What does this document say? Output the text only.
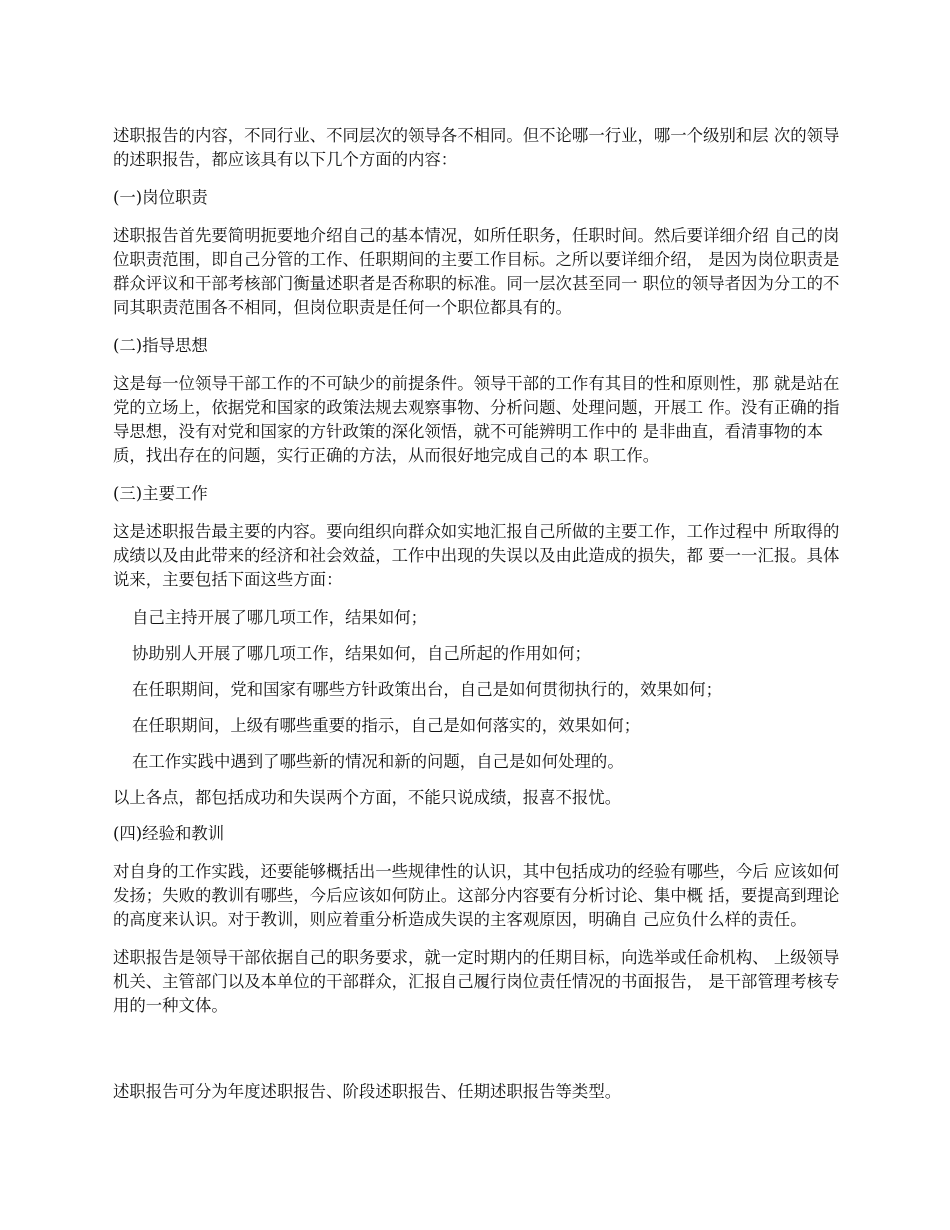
述职报告的内容，不同行业、不同层次的领导各不相同。但不论哪一行业，哪一个级别和层 次的领导的述职报告，都应该具有以下几个方面的内容：

(一)岗位职责

述职报告首先要简明扼要地介绍自己的基本情况，如所任职务，任职时间。然后要详细介绍 自己的岗位职责范围，即自己分管的工作、任职期间的主要工作目标。之所以要详细介绍， 是因为岗位职责是群众评议和干部考核部门衡量述职者是否称职的标准。同一层次甚至同一 职位的领导者因为分工的不同其职责范围各不相同，但岗位职责是任何一个职位都具有的。

(二)指导思想

这是每一位领导干部工作的不可缺少的前提条件。领导干部的工作有其目的性和原则性，那 就是站在党的立场上，依据党和国家的政策法规去观察事物、分析问题、处理问题，开展工 作。没有正确的指导思想，没有对党和国家的方针政策的深化领悟，就不可能辨明工作中的 是非曲直，看清事物的本质，找出存在的问题，实行正确的方法，从而很好地完成自己的本 职工作。

(三)主要工作

这是述职报告最主要的内容。要向组织向群众如实地汇报自己所做的主要工作，工作过程中 所取得的成绩以及由此带来的经济和社会效益，工作中出现的失误以及由此造成的损失，都 要一一汇报。具体说来，主要包括下面这些方面：

自己主持开展了哪几项工作，结果如何；

协助别人开展了哪几项工作，结果如何，自己所起的作用如何；

在任职期间，党和国家有哪些方针政策出台，自己是如何贯彻执行的，效果如何；

在任职期间，上级有哪些重要的指示，自己是如何落实的，效果如何；

在工作实践中遇到了哪些新的情况和新的问题，自己是如何处理的。

以上各点，都包括成功和失误两个方面，不能只说成绩，报喜不报忧。

(四)经验和教训

对自身的工作实践，还要能够概括出一些规律性的认识，其中包括成功的经验有哪些，今后 应该如何发扬；失败的教训有哪些，今后应该如何防止。这部分内容要有分析讨论、集中概 括，要提高到理论的高度来认识。对于教训，则应着重分析造成失误的主客观原因，明确自 己应负什么样的责任。

述职报告是领导干部依据自己的职务要求，就一定时期内的任期目标，向选举或任命机构、 上级领导机关、主管部门以及本单位的干部群众，汇报自己履行岗位责任情况的书面报告， 是干部管理考核专用的一种文体。

述职报告可分为年度述职报告、阶段述职报告、任期述职报告等类型。
